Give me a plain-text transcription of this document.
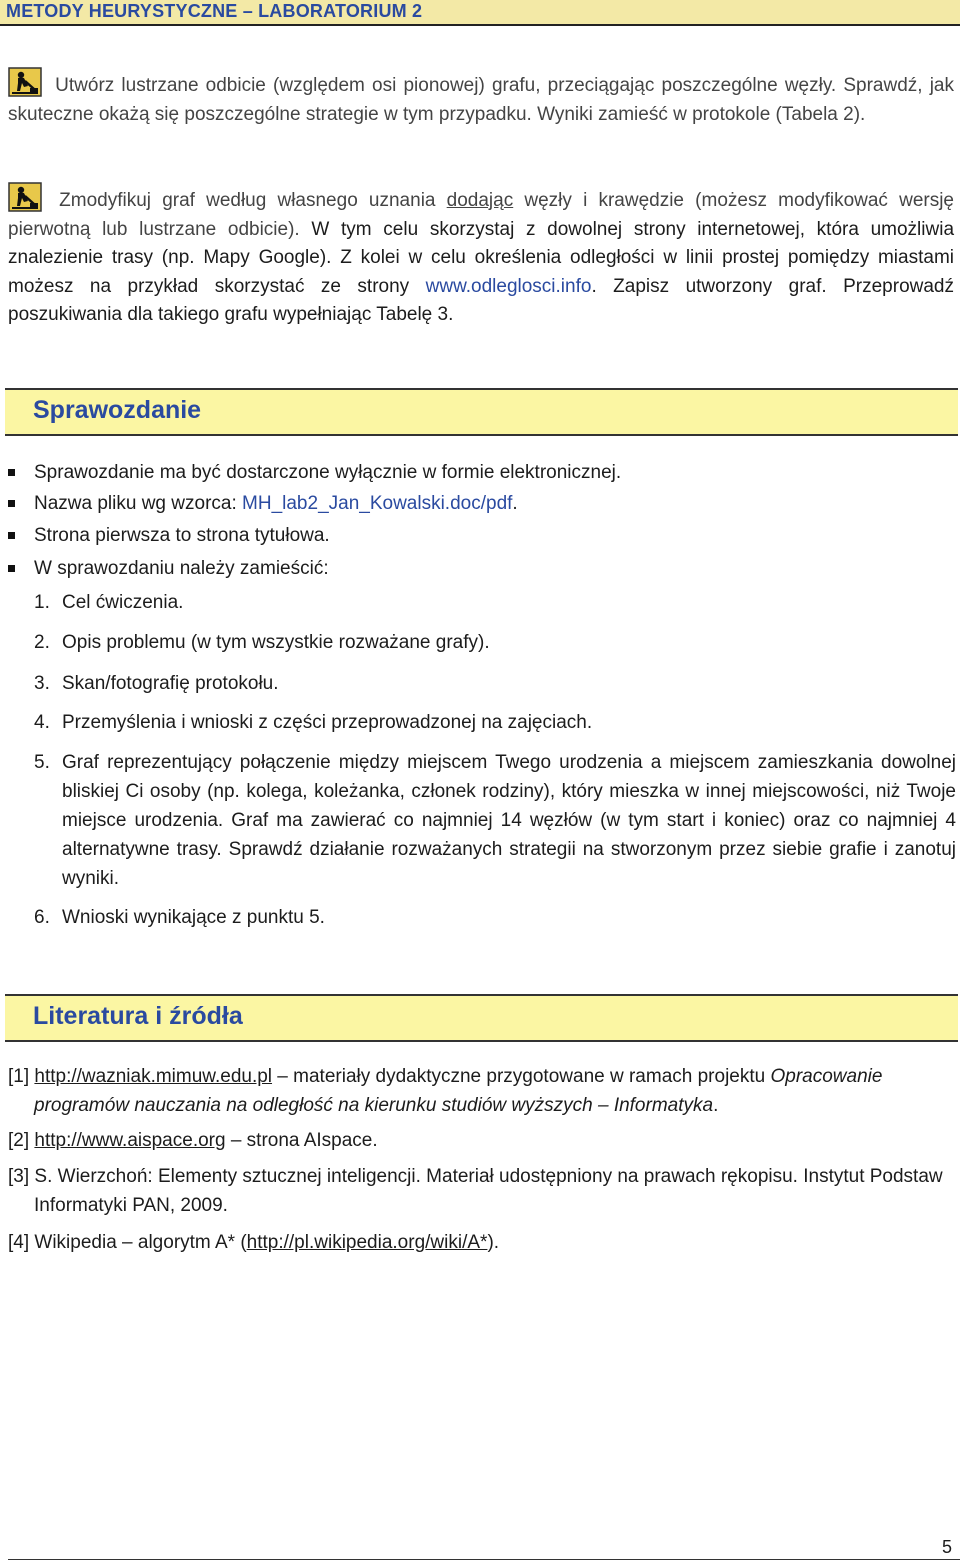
METODY HEURYSTYCZNE – LABORATORIUM 2
Utwórz lustrzane odbicie (względem osi pionowej) grafu, przeciągając poszczególne węzły. Sprawdź, jak skuteczne okażą się poszczególne strategie w tym przypadku. Wyniki zamieść w protokole (Tabela 2).
Zmodyfikuj graf według własnego uznania dodając węzły i krawędzie (możesz modyfikować wersję pierwotną lub lustrzane odbicie). W tym celu skorzystaj z dowolnej strony internetowej, która umożliwia znalezienie trasy (np. Mapy Google). Z kolei w celu określenia odległości w linii prostej pomiędzy miastami możesz na przykład skorzystać ze strony www.odleglosci.info. Zapisz utworzony graf. Przeprowadź poszukiwania dla takiego grafu wypełniając Tabelę 3.
Sprawozdanie
Sprawozdanie ma być dostarczone wyłącznie w formie elektronicznej.
Nazwa pliku wg wzorca: MH_lab2_Jan_Kowalski.doc/pdf.
Strona pierwsza to strona tytułowa.
W sprawozdaniu należy zamieścić:
1. Cel ćwiczenia.
2. Opis problemu (w tym wszystkie rozważane grafy).
3. Skan/fotografię protokołu.
4. Przemyślenia i wnioski z części przeprowadzonej na zajęciach.
5. Graf reprezentujący połączenie między miejscem Twego urodzenia a miejscem zamieszkania dowolnej bliskiej Ci osoby (np. kolega, koleżanka, członek rodziny), który mieszka w innej miejscowości, niż Twoje miejsce urodzenia. Graf ma zawierać co najmniej 14 węzłów (w tym start i koniec) oraz co najmniej 4 alternatywne trasy. Sprawdź działanie rozważanych strategii na stworzonym przez siebie grafie i zanotuj wyniki.
6. Wnioski wynikające z punktu 5.
Literatura i źródła
[1] http://wazniak.mimuw.edu.pl – materiały dydaktyczne przygotowane w ramach projektu Opracowanie programów nauczania na odległość na kierunku studiów wyższych – Informatyka.
[2] http://www.aispace.org – strona AIspace.
[3] S. Wierzchoń: Elementy sztucznej inteligencji. Materiał udostępniony na prawach rękopisu. Instytut Podstaw Informatyki PAN, 2009.
[4] Wikipedia – algorytm A* (http://pl.wikipedia.org/wiki/A*).
5
